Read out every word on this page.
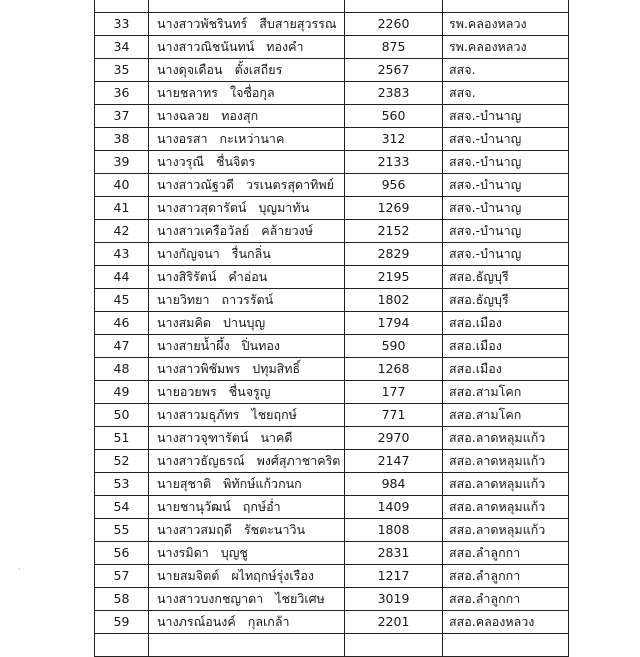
33	นางสาวพัชรินทร์ สืบสายสุวรรณ	2260	รพ.คลองหลวง
34	นางสาวณิชนันทน์ ทองคำ	875	รพ.คลองหลวง
35	นางดุจเดือน ตั้งเสถียร	2567	สสจ.
36	นายชลาทร ใจซื่อกุล	2383	สสจ.
37	นางฉลวย ทองสุก	560	สสจ.-บำนาญ
38	นางอรสา กะเหว่านาค	312	สสจ.-บำนาญ
39	นางวรุณี ชื่นจิตร	2133	สสจ.-บำนาญ
40	นางสาวณัฐวดี วรเนตรสุดาทิพย์	956	สสจ.-บำนาญ
41	นางสาวสุดารัตน์ บุญมาทัน	1269	สสจ.-บำนาญ
42	นางสาวเครือวัลย์ คล้ายวงษ์	2152	สสจ.-บำนาญ
43	นางกัญจนา รื่นกลิ่น	2829	สสจ.-บำนาญ
44	นางสิริรัตน์ คำอ่อน	2195	สสอ.ธัญบุรี
45	นายวิทยา ถาวรรัตน์	1802	สสอ.ธัญบุรี
46	นางสมคิด ปานบุญ	1794	สสอ.เมือง
47	นางสายน้ำผึ้ง ปิ่นทอง	590	สสอ.เมือง
48	นางสาวพิชัมพร ปทุมสิทธิ์	1268	สสอ.เมือง
49	นายอวยพร ชื่นจรูญ	177	สสอ.สามโคก
50	นางสาวมธุภัทร ไชยฤกษ์	771	สสอ.สามโคก
51	นางสาวจุฑารัตน์ นาคดี	2970	สสอ.ลาดหลุมแก้ว
52	นางสาวธัญธรณ์ พงศ์สุภาชาคริต	2147	สสอ.ลาดหลุมแก้ว
53	นายสุชาติ พิทักษ์แก้วกนก	984	สสอ.ลาดหลุมแก้ว
54	นายชานุวัฒน์ ฤกษ์อ่ำ	1409	สสอ.ลาดหลุมแก้ว
55	นางสาวสมฤดี รัชตะนาวิน	1808	สสอ.ลาดหลุมแก้ว
56	นางรมิดา บุญชู	2831	สสอ.ลำลูกกา
57	นายสมจิตต์ ผไทฤกษ์รุ่งเรือง	1217	สสอ.ลำลูกกา
58	นางสาวบงกชญาดา ไชยวิเศษ	3019	สสอ.ลำลูกกา
59	นางภรณ์อนงค์ กุลเกล้า	2201	สสอ.คลองหลวง

·
